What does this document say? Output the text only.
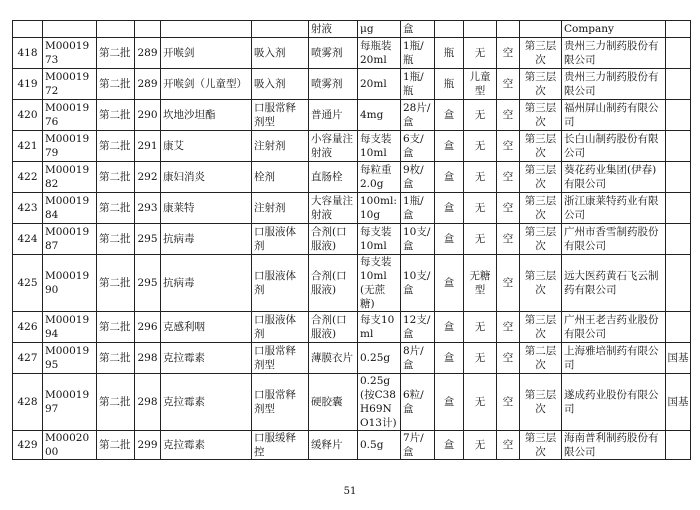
						射液	μg	盒					Company	
418	M0001973	第二批	289	开喉剑	吸入剂	喷雾剂	每瓶装20ml	1瓶/瓶	瓶	无	空	第三层次	贵州三力制药股份有限公司	
419	M0001972	第二批	289	开喉剑（儿童型）	吸入剂	喷雾剂	20ml	1瓶/瓶	瓶	儿童型	空	第三层次	贵州三力制药股份有限公司	
420	M0001976	第二批	290	坎地沙坦酯	口服常释剂型	普通片	4mg	28片/盒	盒	无	空	第三层次	福州屏山制药有限公司	
421	M0001979	第二批	291	康艾	注射剂	小容量注射液	每支装10ml	6支/盒	盒	无	空	第三层次	长白山制药股份有限公司	
422	M0001982	第二批	292	康妇消炎	栓剂	直肠栓	每粒重2.0g	9枚/盒	盒	无	空	第三层次	葵花药业集团(伊春)有限公司	
423	M0001984	第二批	293	康莱特	注射剂	大容量注射液	100ml:10g	1瓶/盒	盒	无	空	第三层次	浙江康莱特药业有限公司	
424	M0001987	第二批	295	抗病毒	口服液体剂	合剂(口服液)	每支装10ml	10支/盒	盒	无	空	第三层次	广州市香雪制药股份有限公司	
425	M0001990	第二批	295	抗病毒	口服液体剂	合剂(口服液)	每支装10ml(无蔗糖)	10支/盒	盒	无糖型	空	第三层次	远大医药黄石飞云制药有限公司	
426	M0001994	第二批	296	克感利咽	口服液体剂	合剂(口服液)	每支10ml	12支/盒	盒	无	空	第三层次	广州王老吉药业股份有限公司	
427	M0001995	第二批	298	克拉霉素	口服常释剂型	薄膜衣片	0.25g	8片/盒	盒	无	空	第二层次	上海雅培制药有限公司	国基
428	M0001997	第二批	298	克拉霉素	口服常释剂型	硬胶囊	0.25g(按C38H69NO13计)	6粒/盒	盒	无	空	第三层次	遂成药业股份有限公司	国基
429	M0002000	第二批	299	克拉霉素	口服缓释控	缓释片	0.5g	7片/盒	盒	无	空	第三层次	海南普利制药股份有限公司	
51
